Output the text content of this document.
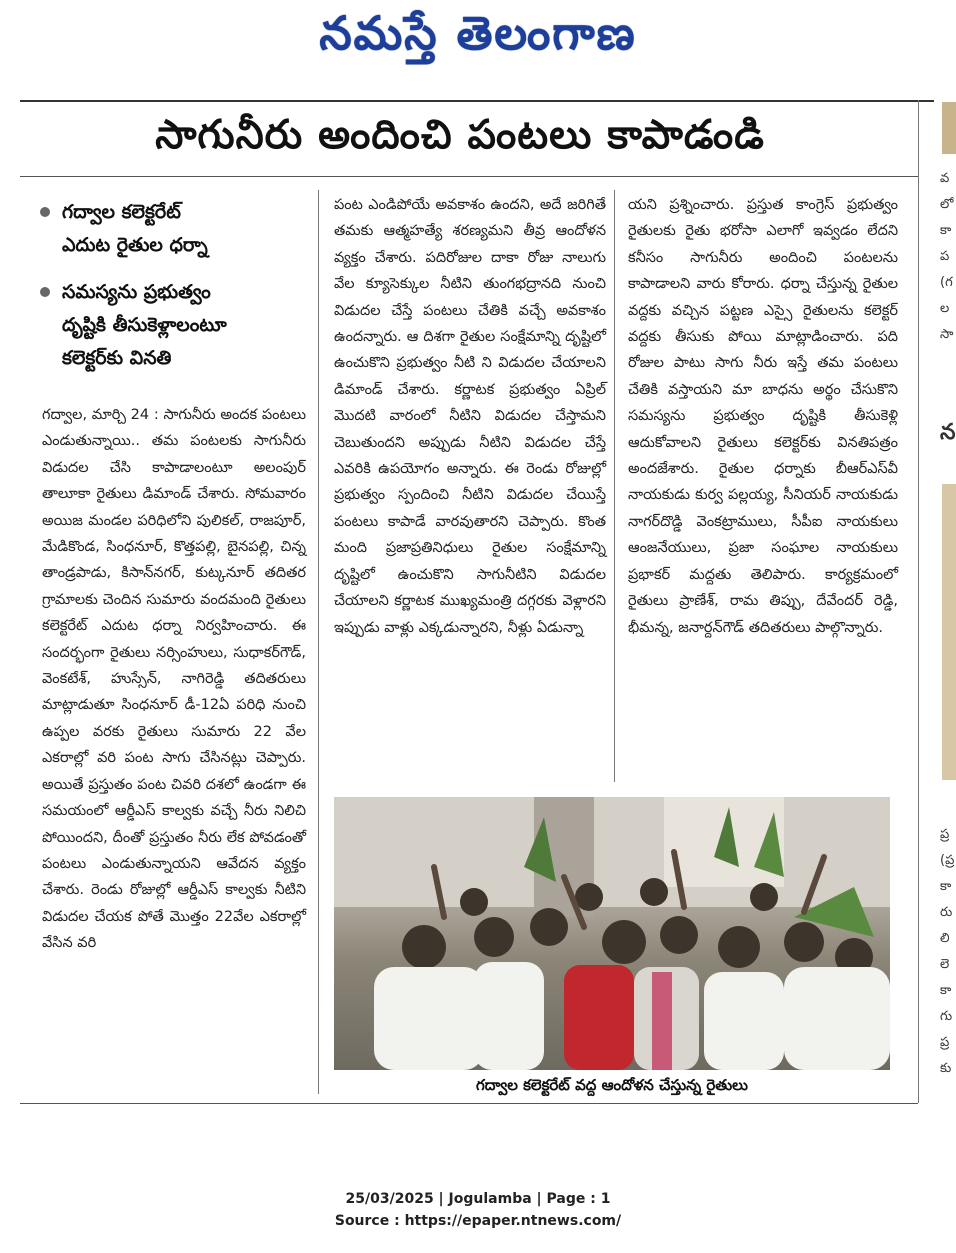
నమస్తే తెలంగాణ
సాగునీరు అందించి పంటలు కాపాడండి
గద్వాల కలెక్టరేట్
ఎదుట రైతుల ధర్నా
సమస్యను ప్రభుత్వం
దృష్టికి తీసుకెళ్లాలంటూ
కలెక్టర్‌కు వినతి
గద్వాల, మార్చి 24 : సాగునీరు అందక పంటలు ఎండుతున్నాయి.. తమ పంటలకు సాగునీరు విడుదల చేసి కాపాడాలంటూ అలంపుర్ తాలూకా రైతులు డిమాండ్ చేశారు. సోమవారం అయిజ మండల పరిధిలోని పులికల్, రాజపూర్, మేడికొండ, సింధనూర్, కొత్తపల్లి, బైనపల్లి, చిన్న తాండ్రపాడు, కిసాన్‌నగర్, కుట్కనూర్ తదితర గ్రామాలకు చెందిన సుమారు వందమంది రైతులు కలెక్టరేట్ ఎదుట ధర్నా నిర్వహించారు. ఈ సందర్భంగా రైతులు నర్సింహులు, సుధాకర్‌గౌడ్, వెంకటేశ్, హుస్సేన్, నాగిరెడ్డి తదితరులు మాట్లాడుతూ సింధనూర్ డీ-12ఏ పరిధి నుంచి ఉప్పల వరకు రైతులు సుమారు 22 వేల ఎకరాల్లో వరి పంట సాగు చేసినట్లు చెప్పారు. అయితే ప్రస్తుతం పంట చివరి దశలో ఉండగా ఈ సమయంలో ఆర్డీఎస్ కాల్వకు వచ్చే నీరు నిలిచి పోయిందని, దీంతో ప్రస్తుతం నీరు లేక పోవడంతో పంటలు ఎండుతున్నాయని ఆవేదన వ్యక్తం చేశారు. రెండు రోజుల్లో ఆర్డీఎస్ కాల్వకు నీటిని విడుదల చేయక పోతే మొత్తం 22వేల ఎకరాల్లో వేసిన వరి
పంట ఎండిపోయే అవకాశం ఉందని, అదే జరిగితే తమకు ఆత్మహత్యే శరణ్యమని తీవ్ర ఆందోళన వ్యక్తం చేశారు. పదిరోజుల దాకా రోజు నాలుగు వేల క్యూసెక్కుల నీటిని తుంగభద్రానది నుంచి విడుదల చేస్తే పంటలు చేతికి వచ్చే అవకాశం ఉందన్నారు. ఆ దిశగా రైతుల సంక్షేమాన్ని దృష్టిలో ఉంచుకొని ప్రభుత్వం నీటి ని విడుదల చేయాలని డిమాండ్ చేశారు. కర్ణాటక ప్రభుత్వం ఏప్రిల్ మొదటి వారంలో నీటిని విడుదల చేస్తామని చెబుతుందని అప్పుడు నీటిని విడుదల చేస్తే ఎవరికి ఉపయోగం అన్నారు. ఈ రెండు రోజుల్లో ప్రభుత్వం స్పందించి నీటిని విడుదల చేయిస్తే పంటలు కాపాడే వారవుతారని చెప్పారు. కొంత మంది ప్రజాప్రతినిధులు రైతుల సంక్షేమాన్ని దృష్టిలో ఉంచుకొని సాగునీటిని విడుదల చేయాలని కర్ణాటక ముఖ్యమంత్రి దగ్గరకు వెళ్లారని ఇప్పుడు వాళ్లు ఎక్కడున్నారని, నీళ్లు ఏడున్నా
యని ప్రశ్నించారు. ప్రస్తుత కాంగ్రెస్ ప్రభుత్వం రైతులకు రైతు భరోసా ఎలాగో ఇవ్వడం లేదని కనీసం సాగునీరు అందించి పంటలను కాపాడాలని వారు కోరారు. ధర్నా చేస్తున్న రైతుల వద్దకు వచ్చిన పట్టణ ఎస్సై రైతులను కలెక్టర్ వద్దకు తీసుకు పోయి మాట్లాడించారు. పది రోజుల పాటు సాగు నీరు ఇస్తే తమ పంటలు చేతికి వస్తాయని మా బాధను అర్థం చేసుకొని సమస్యను ప్రభుత్వం దృష్టికి తీసుకెళ్లి ఆదుకోవాలని రైతులు కలెక్టర్‌కు వినతిపత్రం అందజేశారు. రైతుల ధర్నాకు బీఆర్‌ఎస్‌వీ నాయకుడు కుర్వ పల్లయ్య, సీనియర్ నాయకుడు నాగర్‌దొడ్డి వెంకట్రాములు, సీపీఐ నాయకులు ఆంజనేయులు, ప్రజా సంఘాల నాయకులు ప్రభాకర్ మద్దతు తెలిపారు. కార్యక్రమంలో రైతులు ప్రాణేశ్, రామ తిప్పు, దేవేందర్ రెడ్డి, భీమన్న, జనార్దన్‌గౌడ్ తదితరులు పాల్గొన్నారు.
గద్వాల కలెక్టరేట్ వద్ద ఆందోళన చేస్తున్న రైతులు
25/03/2025 | Jogulamba | Page : 1
Source : https://epaper.ntnews.com/
వ
లో
కా
ప
(గ
ల
సా
న
ప్ర
(ప్ర
కా
రు
లి
లె
కా
గు
ప్ర
కు
